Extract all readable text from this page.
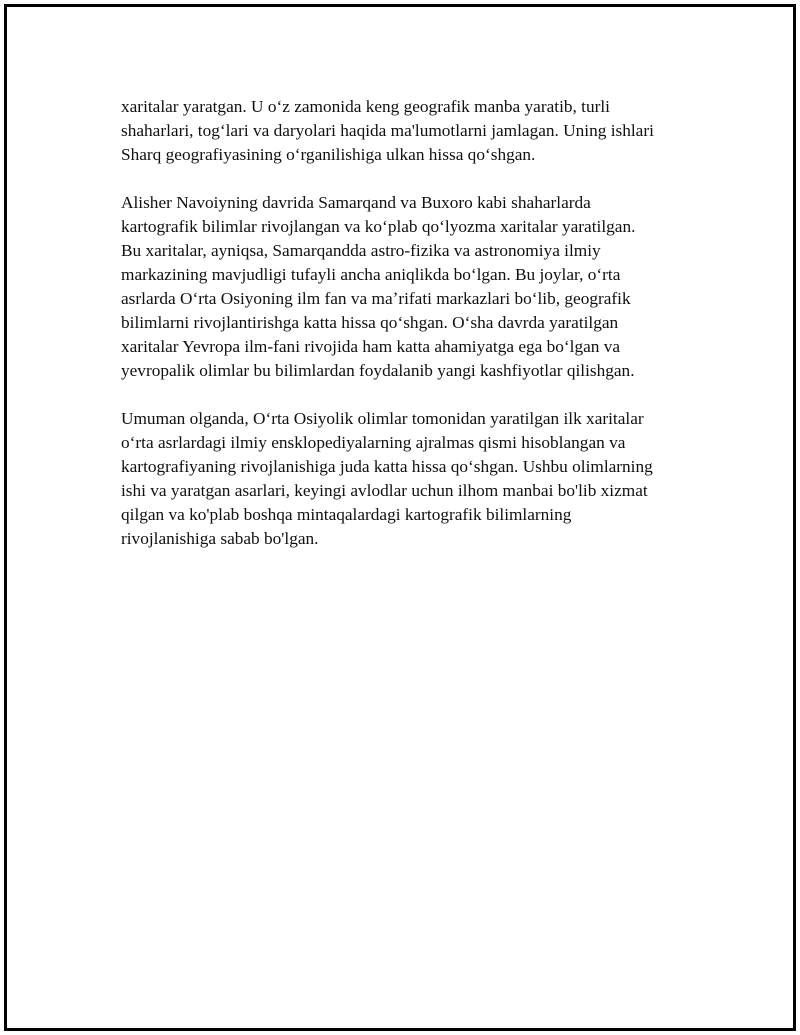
xaritalar yaratgan. U oʻz zamonida keng geografik manba yaratib, turli
shaharlari, togʻlari va daryolari haqida ma'lumotlarni jamlagan. Uning ishlari
Sharq geografiyasining oʻrganilishiga ulkan hissa qoʻshgan.

Alisher Navoiyning davrida Samarqand va Buxoro kabi shaharlarda
kartografik bilimlar rivojlangan va koʻplab qoʻlyozma xaritalar yaratilgan.
Bu xaritalar, ayniqsa, Samarqandda astro-fizika va astronomiya ilmiy
markazining mavjudligi tufayli ancha aniqlikda boʻlgan. Bu joylar, oʻrta
asrlarda Oʻrta Osiyoning ilm fan va maʼrifati markazlari boʻlib, geografik
bilimlarni rivojlantirishga katta hissa qoʻshgan. Oʻsha davrda yaratilgan
xaritalar Yevropa ilm-fani rivojida ham katta ahamiyatga ega boʻlgan va
yevropalik olimlar bu bilimlardan foydalanib yangi kashfiyotlar qilishgan.

Umuman olganda, Oʻrta Osiyolik olimlar tomonidan yaratilgan ilk xaritalar
oʻrta asrlardagi ilmiy ensklopediyalarning ajralmas qismi hisoblangan va
kartografiyaning rivojlanishiga juda katta hissa qoʻshgan. Ushbu olimlarning
ishi va yaratgan asarlari, keyingi avlodlar uchun ilhom manbai bo'lib xizmat
qilgan va ko'plab boshqa mintaqalardagi kartografik bilimlarning
rivojlanishiga sabab bo'lgan.
